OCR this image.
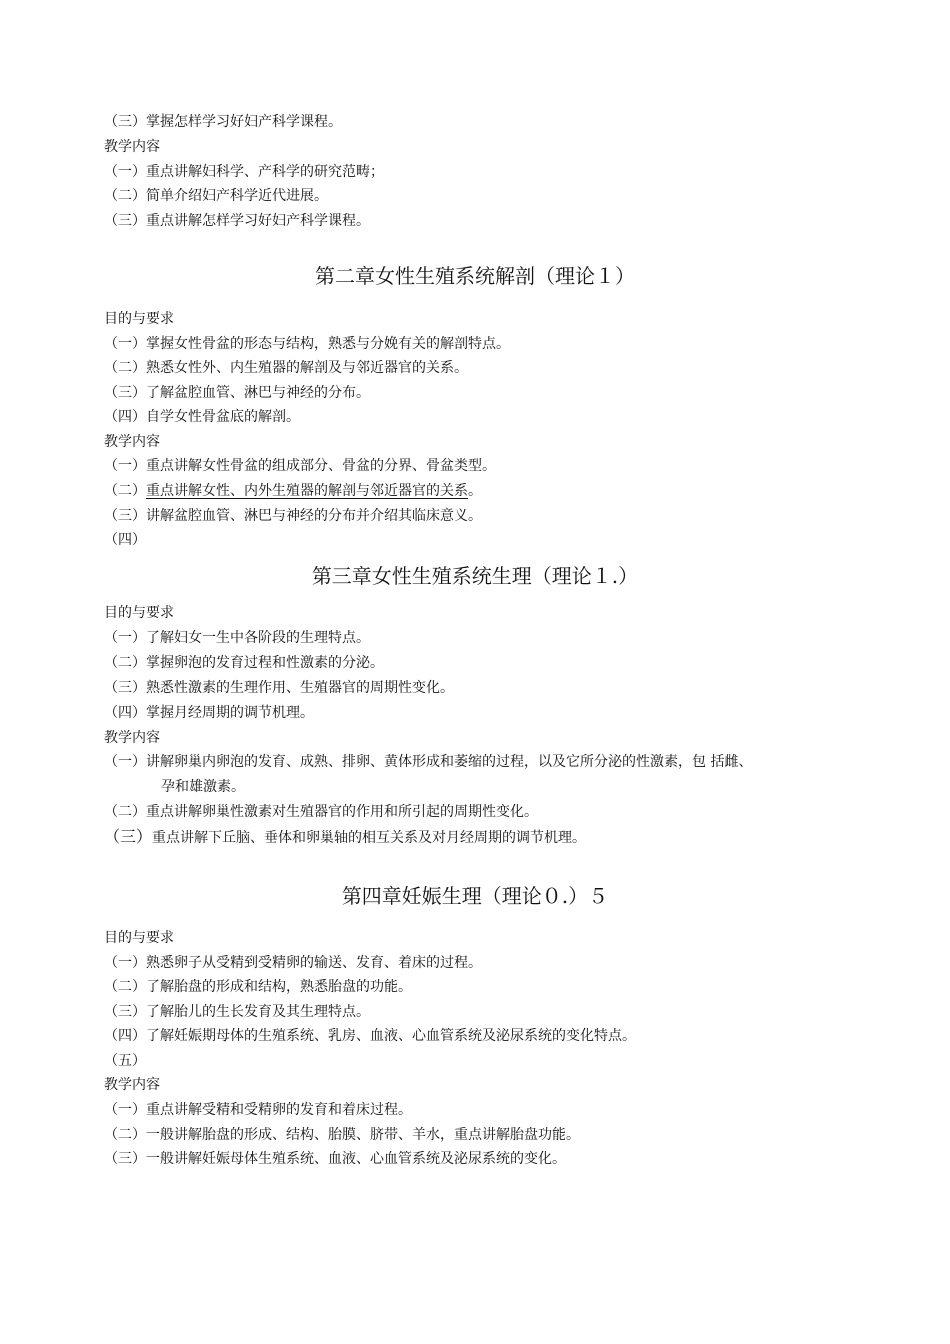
（三）掌握怎样学习好妇产科学课程。
教学内容
（一）重点讲解妇科学、产科学的研究范畴；
（二）简单介绍妇产科学近代进展。
（三）重点讲解怎样学习好妇产科学课程。
第二章女性生殖系统解剖（理论１）
目的与要求
（一）掌握女性骨盆的形态与结构，熟悉与分娩有关的解剖特点。
（二）熟悉女性外、内生殖器的解剖及与邻近器官的关系。
（三）了解盆腔血管、淋巴与神经的分布。
（四）自学女性骨盆底的解剖。
教学内容
（一）重点讲解女性骨盆的组成部分、骨盆的分界、骨盆类型。
（二）重点讲解女性、内外生殖器的解剖与邻近器官的关系。
（三）讲解盆腔血管、淋巴与神经的分布并介绍其临床意义。
（四）
第三章女性生殖系统生理（理论１.）
目的与要求
（一）了解妇女一生中各阶段的生理特点。
（二）掌握卵泡的发育过程和性激素的分泌。
（三）熟悉性激素的生理作用、生殖器官的周期性变化。
（四）掌握月经周期的调节机理。
教学内容
（一）讲解卵巢内卵泡的发育、成熟、排卵、黄体形成和萎缩的过程，以及它所分泌的性激素，包 括雌、
孕和雄激素。
（二）重点讲解卵巢性激素对生殖器官的作用和所引起的周期性变化。
（三）重点讲解下丘脑、垂体和卵巢轴的相互关系及对月经周期的调节机理。
第四章妊娠生理（理论０.）５
目的与要求
（一）熟悉卵子从受精到受精卵的输送、发育、着床的过程。
（二）了解胎盘的形成和结构，熟悉胎盘的功能。
（三）了解胎儿的生长发育及其生理特点。
（四）了解妊娠期母体的生殖系统、乳房、血液、心血管系统及泌尿系统的变化特点。
（五）
教学内容
（一）重点讲解受精和受精卵的发育和着床过程。
（二）一般讲解胎盘的形成、结构、胎膜、脐带、羊水，重点讲解胎盘功能。
（三）一般讲解妊娠母体生殖系统、血液、心血管系统及泌尿系统的变化。
